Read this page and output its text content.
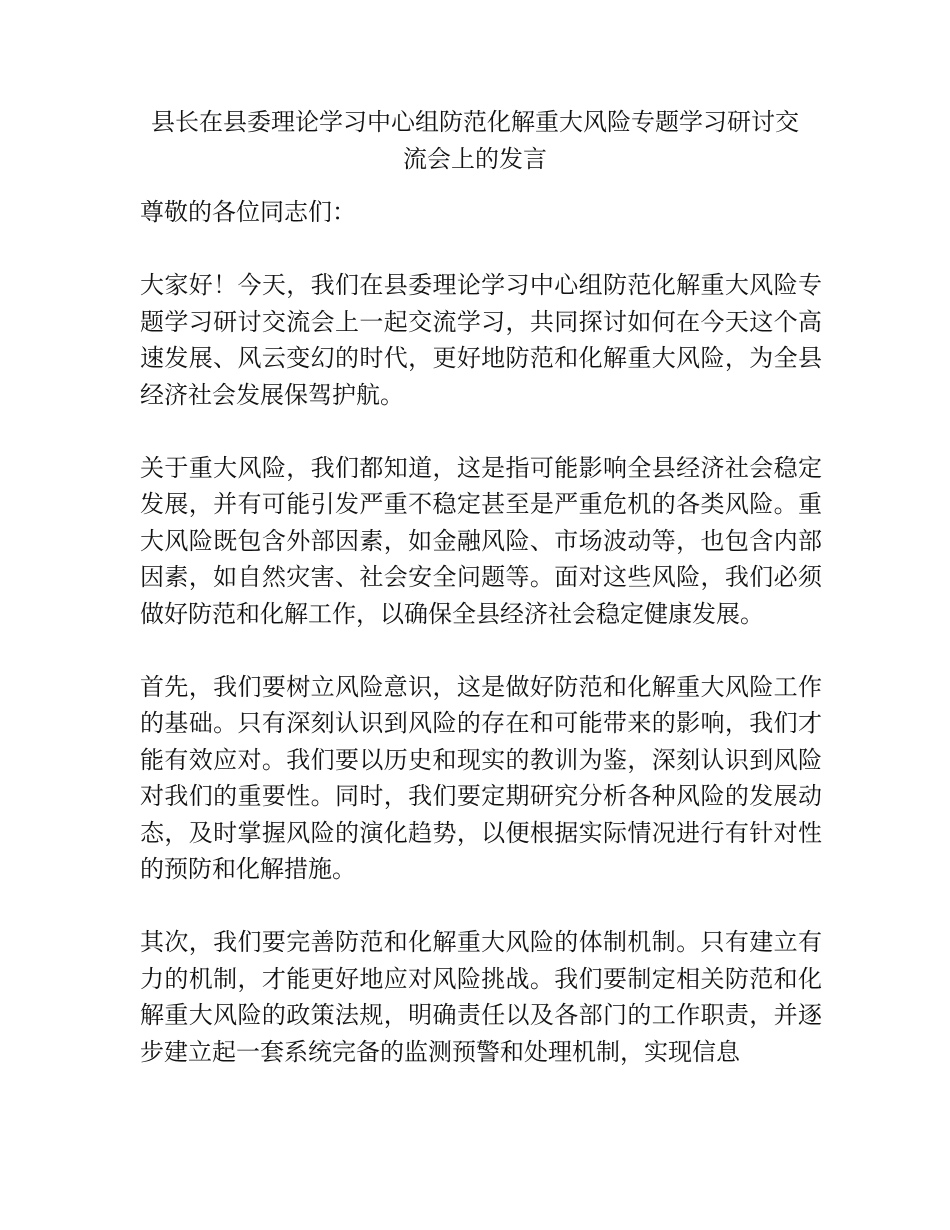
县长在县委理论学习中心组防范化解重大风险专题学习研讨交流会上的发言

尊敬的各位同志们：

大家好！今天，我们在县委理论学习中心组防范化解重大风险专题学习研讨交流会上一起交流学习，共同探讨如何在今天这个高速发展、风云变幻的时代，更好地防范和化解重大风险，为全县经济社会发展保驾护航。

关于重大风险，我们都知道，这是指可能影响全县经济社会稳定发展，并有可能引发严重不稳定甚至是严重危机的各类风险。重大风险既包含外部因素，如金融风险、市场波动等，也包含内部因素，如自然灾害、社会安全问题等。面对这些风险，我们必须做好防范和化解工作，以确保全县经济社会稳定健康发展。

首先，我们要树立风险意识，这是做好防范和化解重大风险工作的基础。只有深刻认识到风险的存在和可能带来的影响，我们才能有效应对。我们要以历史和现实的教训为鉴，深刻认识到风险对我们的重要性。同时，我们要定期研究分析各种风险的发展动态，及时掌握风险的演化趋势，以便根据实际情况进行有针对性的预防和化解措施。

其次，我们要完善防范和化解重大风险的体制机制。只有建立有力的机制，才能更好地应对风险挑战。我们要制定相关防范和化解重大风险的政策法规，明确责任以及各部门的工作职责，并逐步建立起一套系统完备的监测预警和处理机制，实现信息
